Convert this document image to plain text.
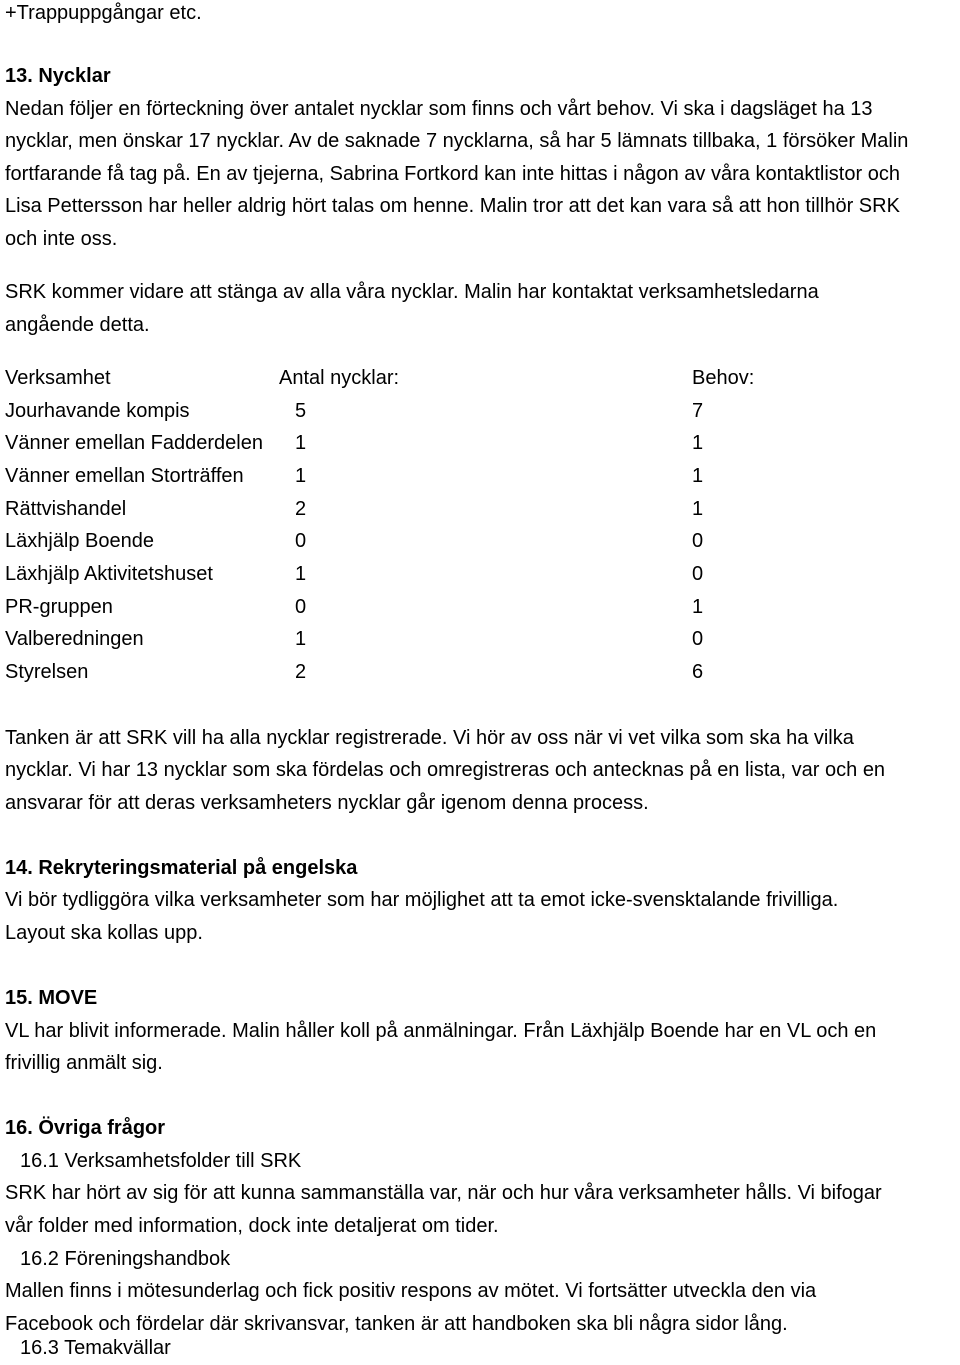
+Trappuppgångar etc.
13. Nycklar
Nedan följer en förteckning över antalet nycklar som finns och vårt behov. Vi ska i dagsläget ha 13
nycklar, men önskar 17 nycklar. Av de saknade 7 nycklarna, så har 5 lämnats tillbaka, 1 försöker Malin
fortfarande få tag på. En av tjejerna, Sabrina Fortkord kan inte hittas i någon av våra kontaktlistor och
Lisa Pettersson har heller aldrig hört talas om henne. Malin tror att det kan vara så att hon tillhör SRK
och inte oss.
SRK kommer vidare att stänga av alla våra nycklar. Malin har kontaktat verksamhetsledarna
angående detta.
Verksamhet	Antal nycklar:	Behov:
Jourhavande kompis	5	7
Vänner emellan Fadderdelen 1	1
Vänner emellan Storträffen	1	1
Rättvishandel	2	1
Läxhjälp Boende	0	0
Läxhjälp Aktivitetshuset	1	0
PR-gruppen	0	1
Valberedningen	1	0
Styrelsen	2	6
Tanken är att SRK vill ha alla nycklar registrerade. Vi hör av oss när vi vet vilka som ska ha vilka
nycklar. Vi har 13 nycklar som ska fördelas och omregistreras och antecknas på en lista, var och en
ansvarar för att deras verksamheters nycklar går igenom denna process.
14. Rekryteringsmaterial på engelska
Vi bör tydliggöra vilka verksamheter som har möjlighet att ta emot icke-svensktalande frivilliga.
Layout ska kollas upp.
15. MOVE
VL har blivit informerade. Malin håller koll på anmälningar. Från Läxhjälp Boende har en VL och en
frivillig anmält sig.
16. Övriga frågor
16.1 Verksamhetsfolder till SRK
SRK har hört av sig för att kunna sammanställa var, när och hur våra verksamheter hålls. Vi bifogar
vår folder med information, dock inte detaljerat om tider.
16.2 Föreningshandbok
Mallen finns i mötesunderlag och fick positiv respons av mötet. Vi fortsätter utveckla den via
Facebook och fördelar där skrivansvar, tanken är att handboken ska bli några sidor lång.
16.3 Temakvällar
